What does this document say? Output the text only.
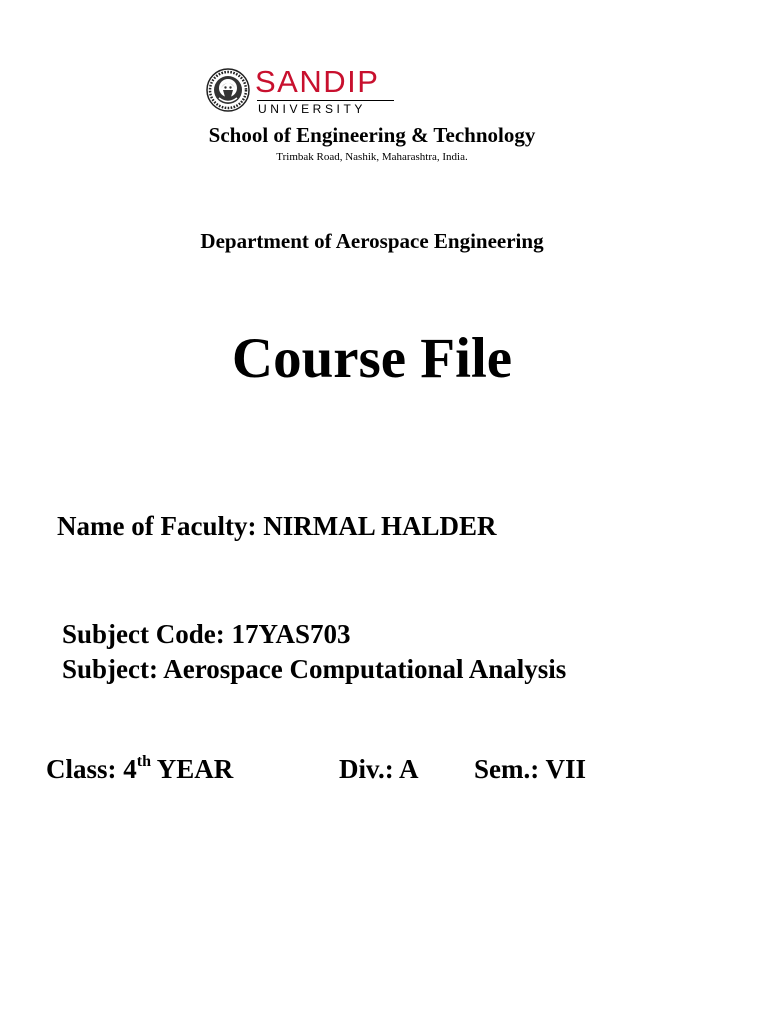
SANDIP
UNIVERSITY
School of Engineering & Technology
Trimbak Road, Nashik, Maharashtra, India.
Department of Aerospace Engineering
Course File
Name of Faculty: NIRMAL HALDER
Subject Code: 17YAS703
Subject: Aerospace Computational Analysis
Class: 4th YEAR	Div.: A Sem.: VII
